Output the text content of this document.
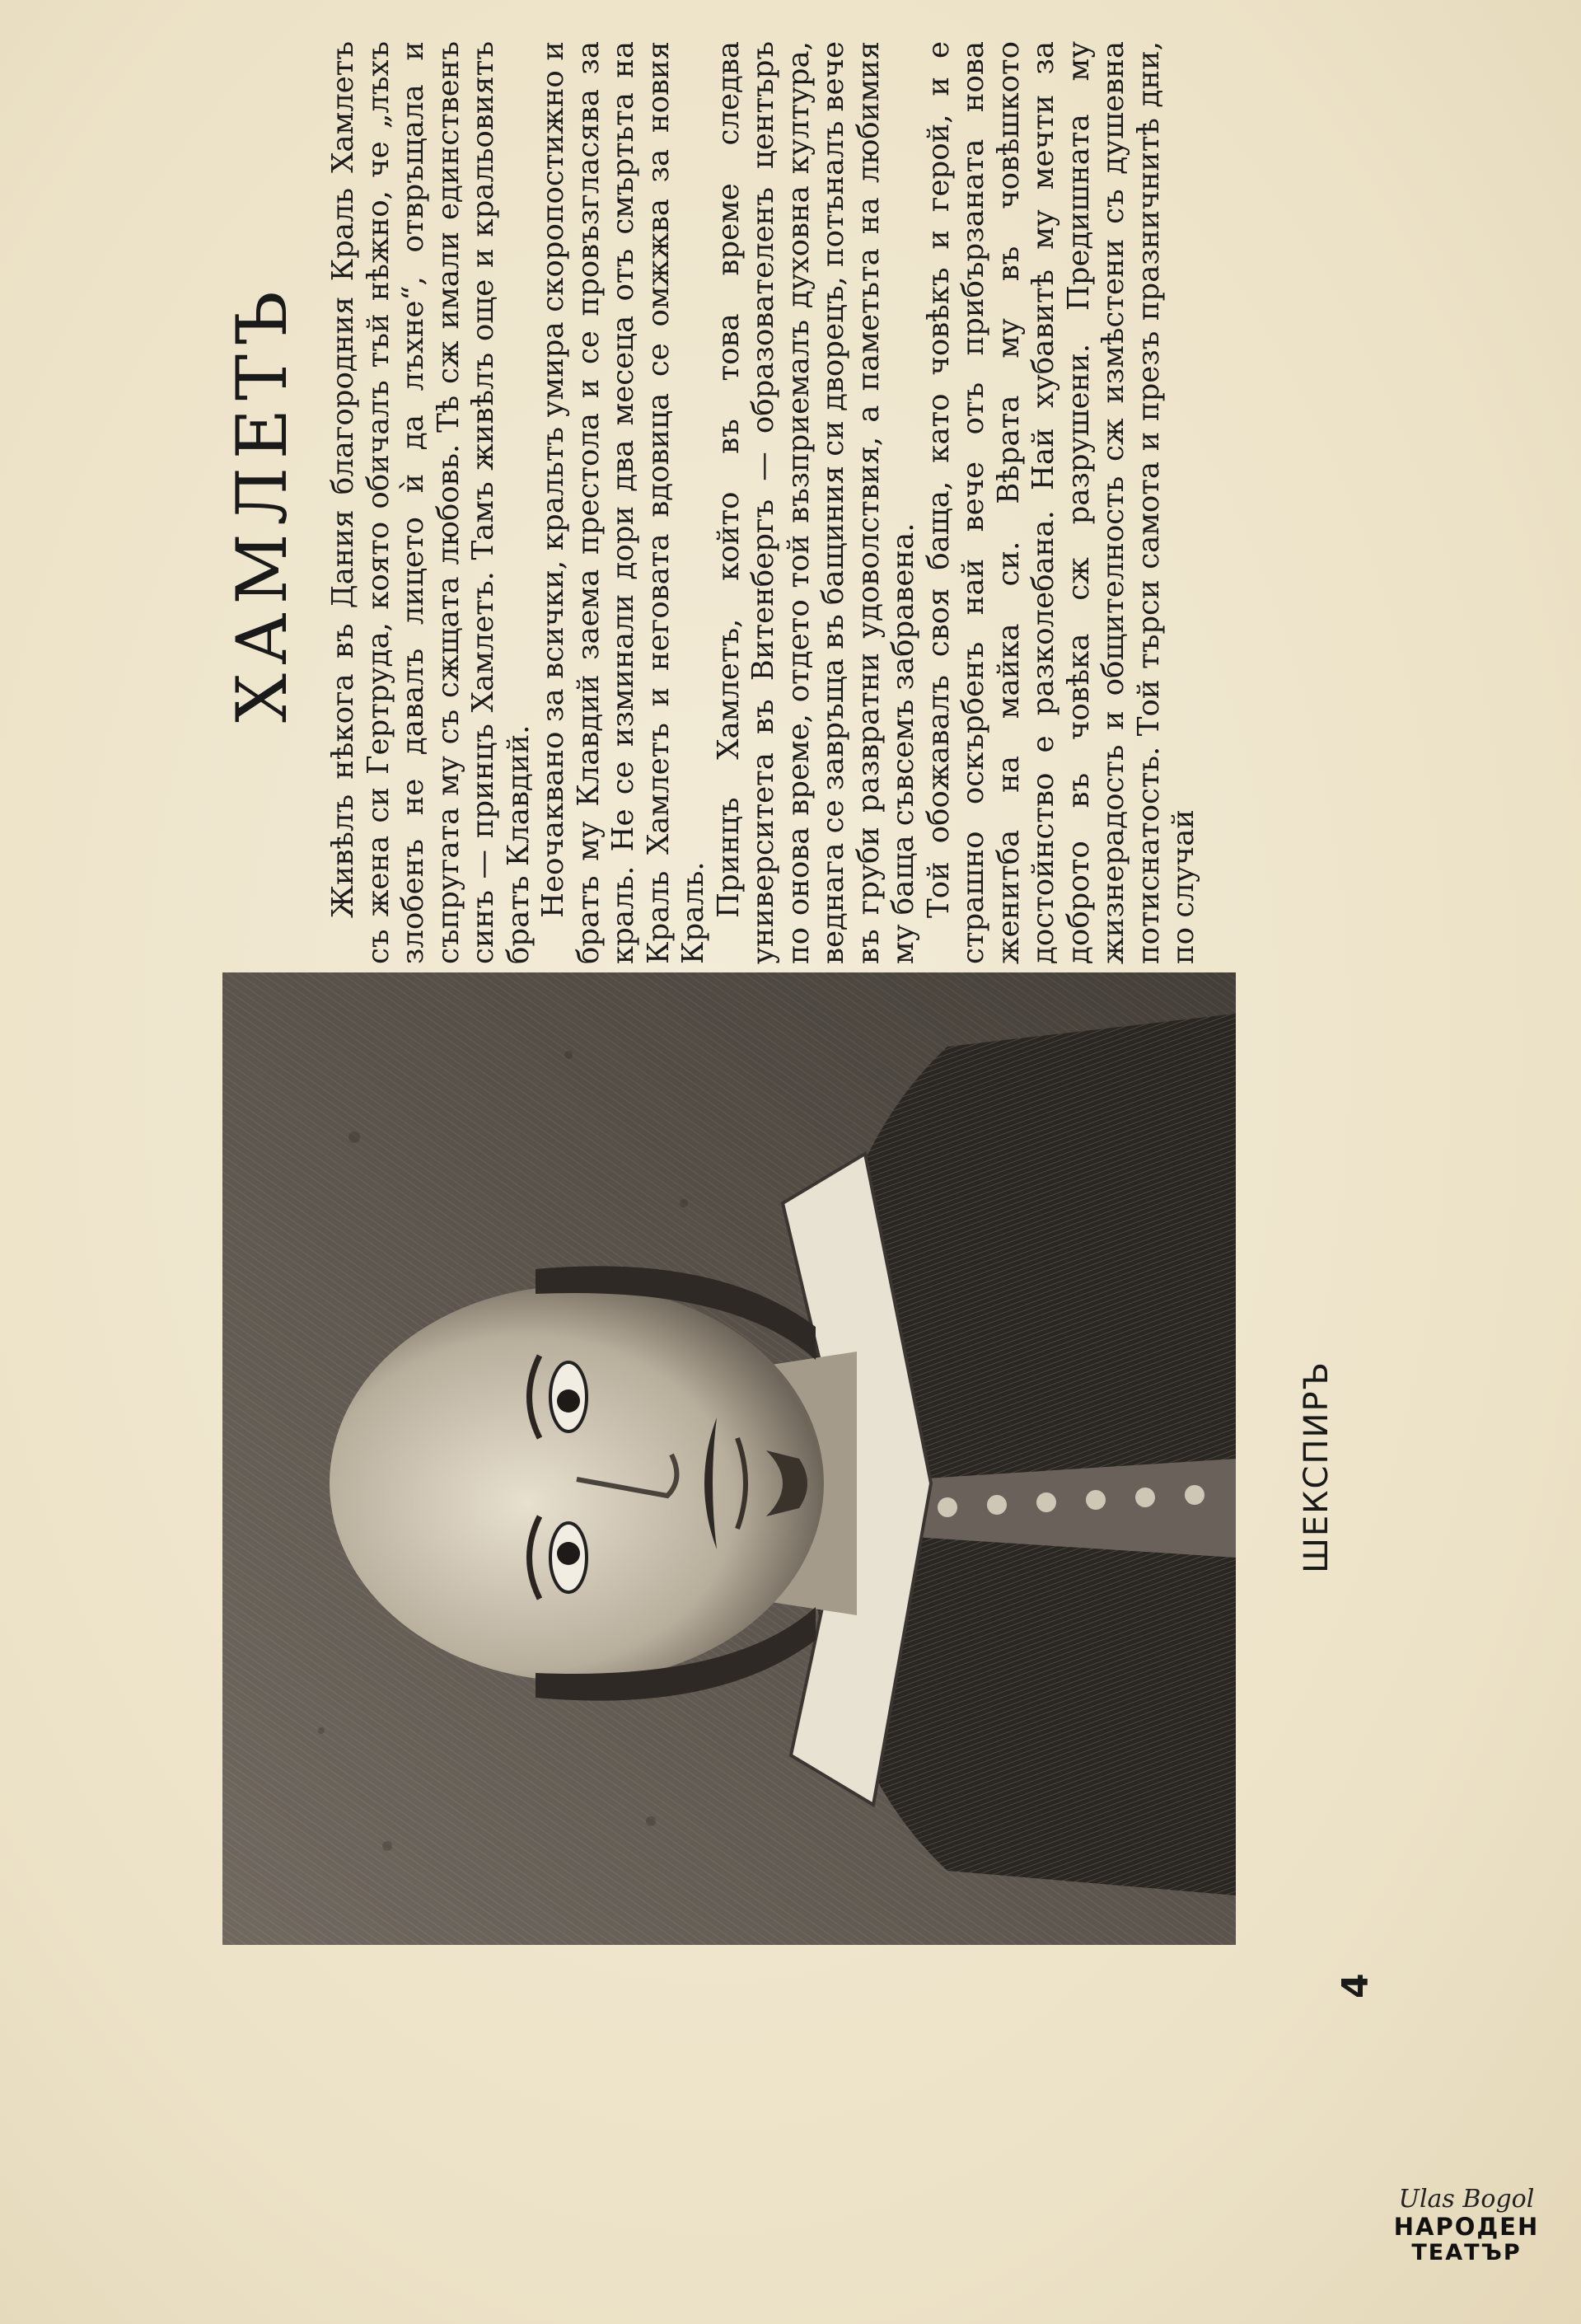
ШЕКСПИРЪ
4
ХАМЛЕТЪ Живѣлъ нѣкога въ Дания благородния Краль Хамлетъ съ жена си Гертруда, която обичалъ тъй нѣжно, че „лъхъ злобенъ не давалъ лицето ѝ да лъхне“, отвръщала и съпругата му съ сжщата любовь. Тѣ сж имали единственъ синъ — принцъ Хамлетъ. Тамъ живѣлъ още и кральовиятъ братъ Клавдий. Неочаквано за всички, кральтъ умира скоропостижно и братъ му Клавдий заема престола и се провъзгласява за краль. Не се изминали дори два месеца отъ смъртьта на Краль Хамлетъ и неговата вдовица се омжжва за новия Краль. Принцъ Хамлетъ, който въ това време следва университета въ Витенбергъ — образователенъ центъръ по онова време, отдето той възприемалъ духовна култура, веднага се завръща въ бащиния си дворецъ, потъналъ вече въ груби развратни удоволствия, а паметьта на любимия му баща съвсемъ забравена. Той обожавалъ своя баща, като човѣкъ и герой, и е страшно оскърбенъ най вече отъ прибързаната нова женитба на майка си. Вѣрата му въ човѣшкото достойнство е разколебана. Най хубавитѣ му мечти за доброто въ човѣка сж разрушени. Предишната му жизнерадость и общителность сж измѣстени съ душевна потиснатость. Той търси самота и презъ празничнитѣ дни, по случай

Ulas Bogol
НАРОДЕН
ТЕАТЪР
